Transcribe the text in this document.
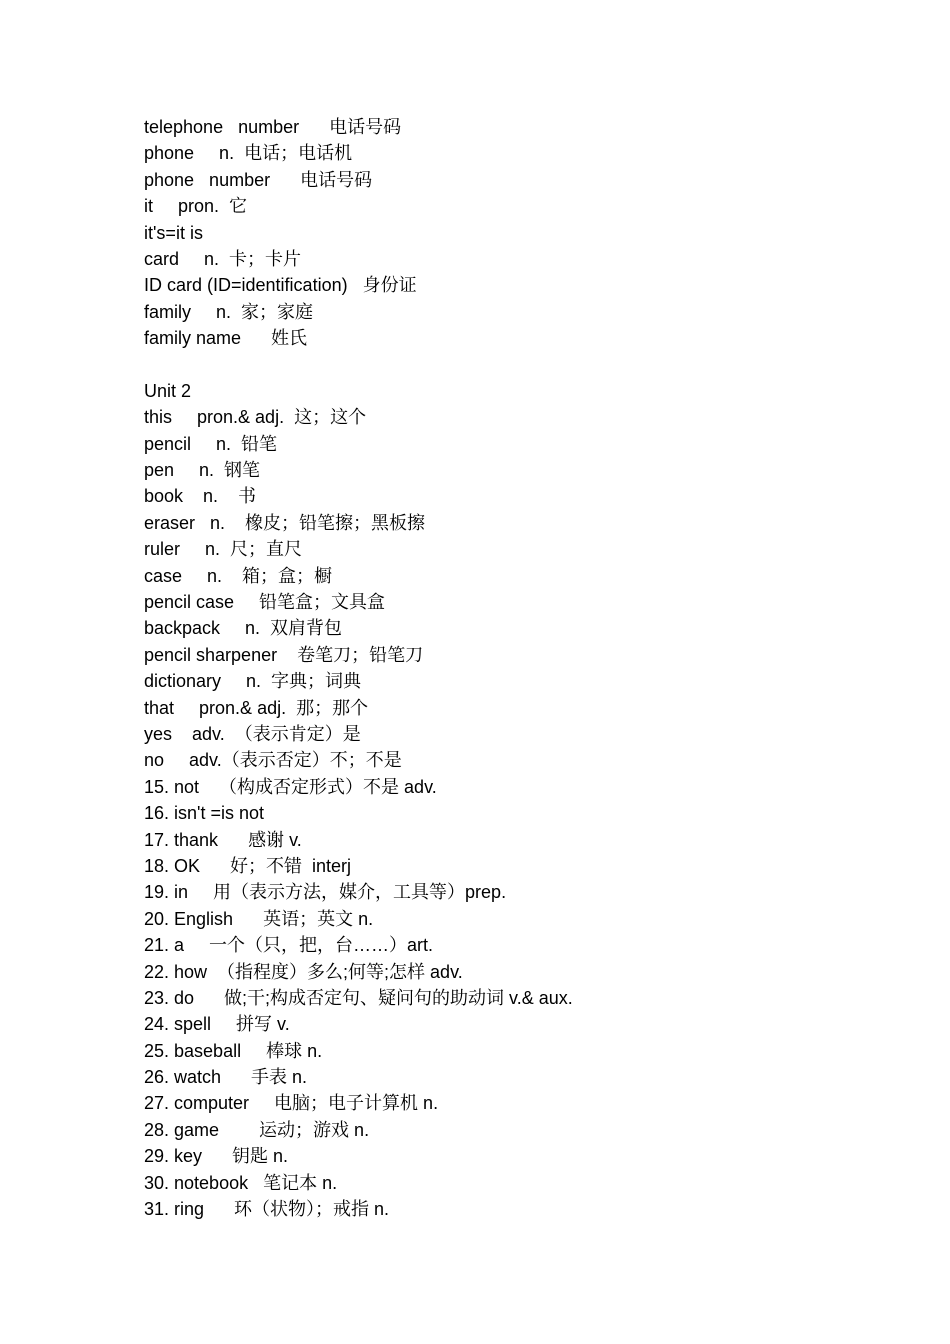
telephone   number      电话号码
phone     n.  电话；电话机
phone   number      电话号码
it     pron.  它
it's=it is
card     n.  卡；卡片
ID card (ID=identification)   身份证
family     n.  家；家庭
family name      姓氏
Unit 2
this     pron.& adj.  这；这个
pencil     n.  铅笔
pen     n.  钢笔
book    n.    书
eraser   n.    橡皮；铅笔擦；黑板擦
ruler     n.  尺；直尺
case     n.    箱；盒；橱
pencil case     铅笔盒；文具盒
backpack     n.  双肩背包
pencil sharpener    卷笔刀；铅笔刀
dictionary     n.  字典；词典
that     pron.& adj.  那；那个
yes    adv.  （表示肯定）是
no     adv.（表示否定）不；不是
15. not    （构成否定形式）不是 adv.
16. isn't =is not
17. thank      感谢 v.
18. OK      好；不错  interj
19. in     用（表示方法，媒介，工具等）prep.
20. English      英语；英文 n.
21. a     一个（只，把，台……）art.
22. how  （指程度）多么;何等;怎样 adv.
23. do      做;干;构成否定句、疑问句的助动词 v.& aux.
24. spell     拼写 v.
25. baseball     棒球 n.
26. watch      手表 n.
27. computer     电脑；电子计算机 n.
28. game        运动；游戏 n.
29. key      钥匙 n.
30. notebook   笔记本 n.
31. ring      环（状物）；戒指 n.
